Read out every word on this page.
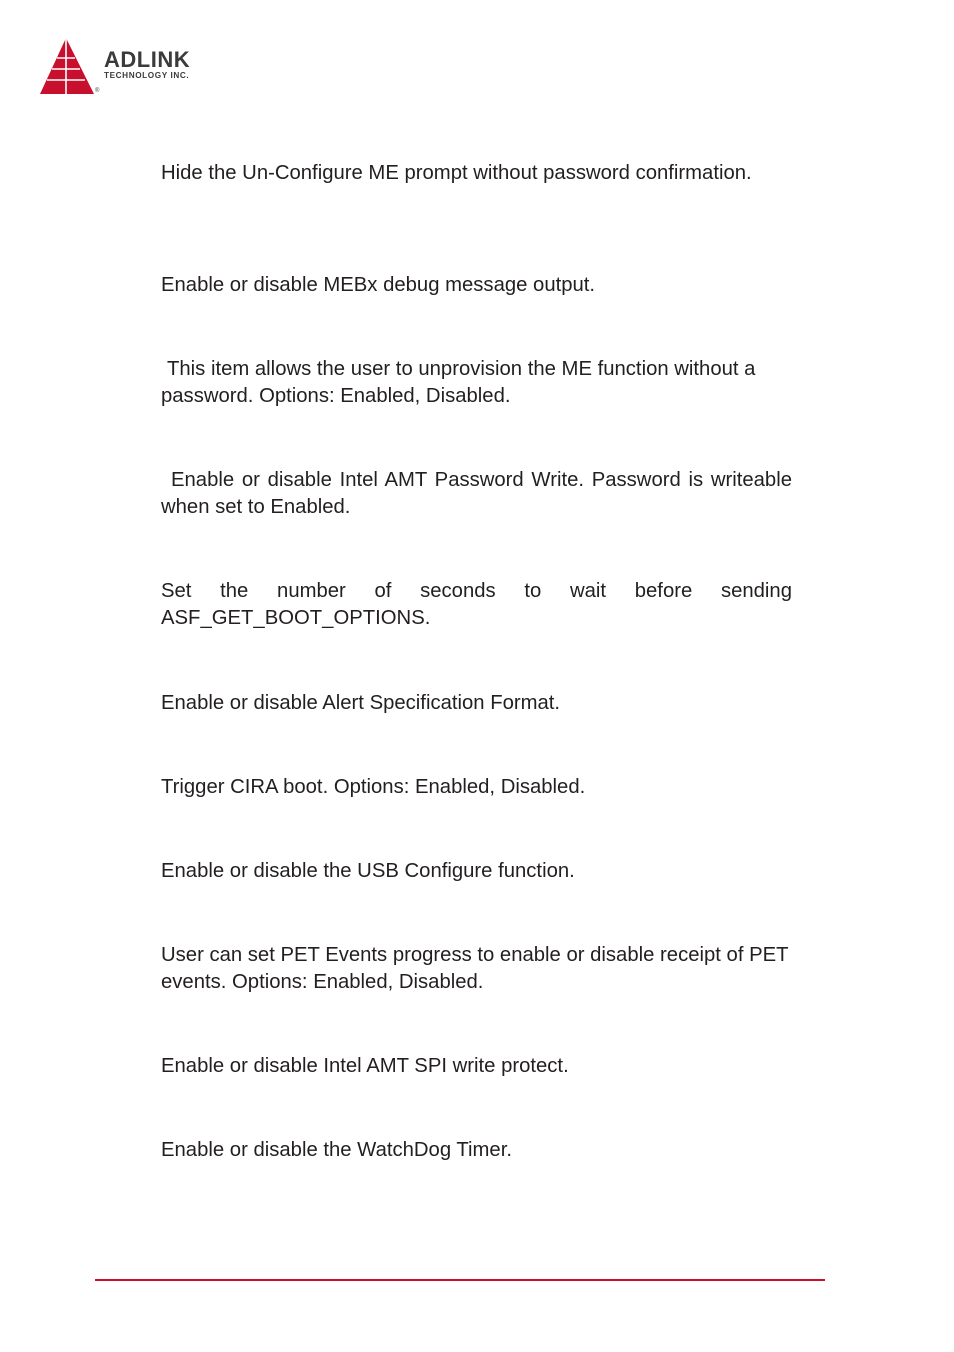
ADLINK
TECHNOLOGY INC.
®

Hide the Un-Configure ME prompt without password confirmation.

Enable or disable MEBx debug message output.

This item allows the user to unprovision the ME function without a password. Options: Enabled, Disabled.

Enable or disable Intel AMT Password Write. Password is writeable when set to Enabled.

Set the number of seconds to wait before sending ASF_GET_BOOT_OPTIONS.

Enable or disable Alert Specification Format.

Trigger CIRA boot. Options: Enabled, Disabled.

Enable or disable the USB Configure function.

User can set PET Events progress to enable or disable receipt of PET events. Options: Enabled, Disabled.

Enable or disable Intel AMT SPI write protect.

Enable or disable the WatchDog Timer.
